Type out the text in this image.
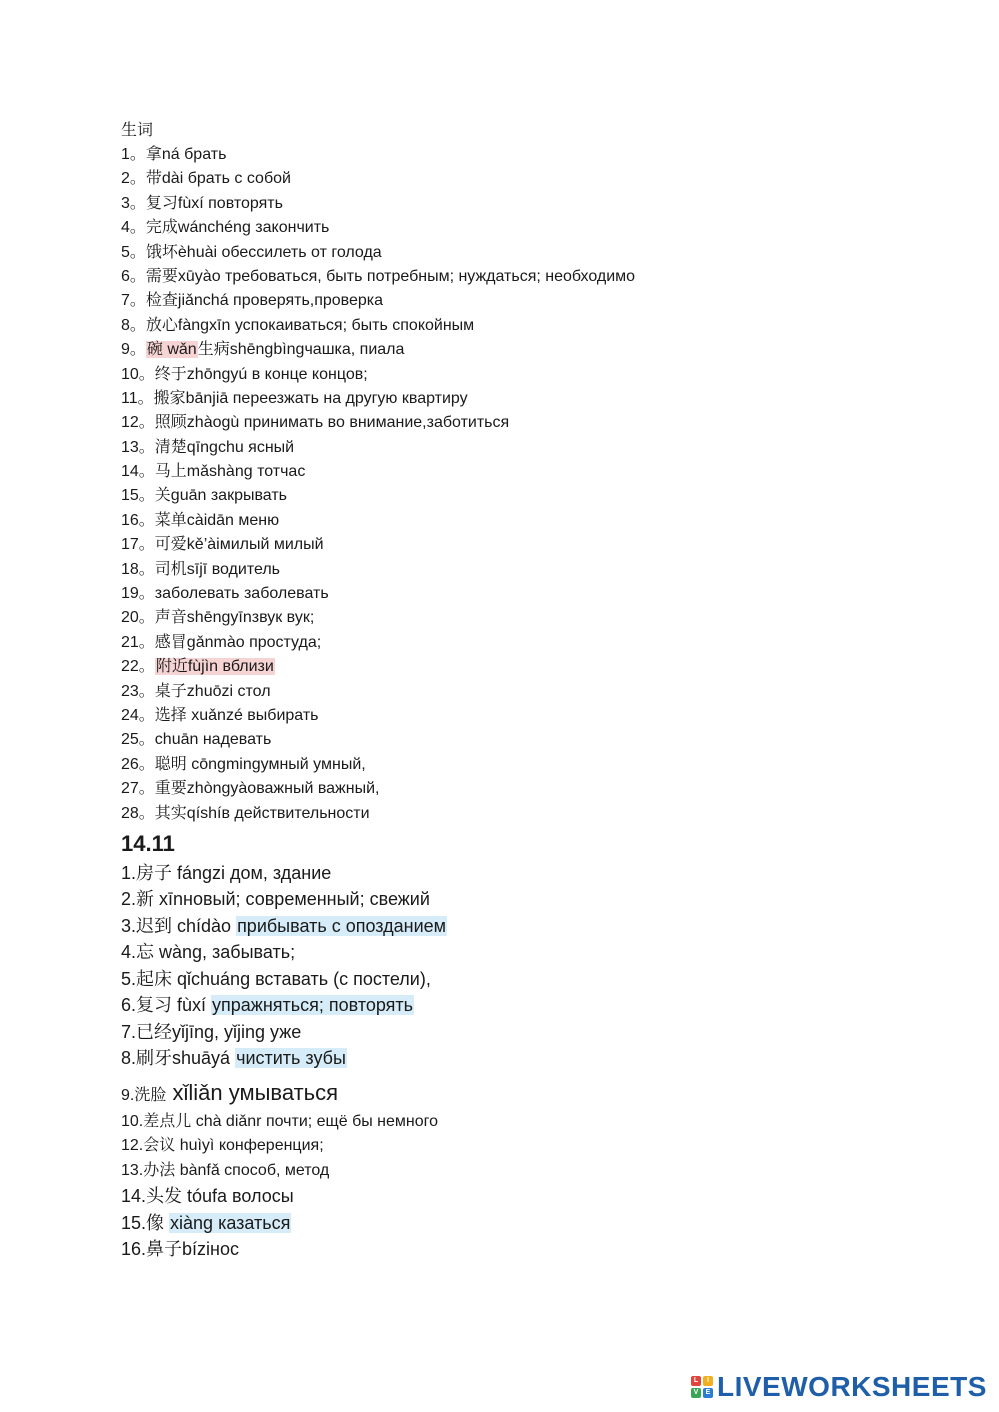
生词
1。拿ná брать
2。带dài брать с собой
3。复习fùxí повторять
4。完成wánchéng закончить
5。饿坏èhuài обессилеть от голода
6。需要xūyào требоваться, быть потребным; нуждаться; необходимо
7。检查jiǎnchá проверять,проверка
8。放心fàngxīn успокаиваться; быть спокойным
9。碗 wǎn生病shēngbìngчашка, пиала
10。终于zhōngyú в конце концов;
11。搬家bānjiā переезжать на другую квартиру
12。照顾zhàogù принимать во внимание,заботиться
13。清楚qīngchu ясный
14。马上mǎshàng тотчас
15。关guān закрывать
16。菜单càidān меню
17。可爱kě’àiмилый милый
18。司机sījī водитель
19。заболевать заболевать
20。声音shēngyīnзвук вук;
21。感冒gǎnmào простуда;
22。附近fùjìn вблизи
23。桌子zhuōzi стол
24。选择 xuǎnzé выбирать
25。chuān надевать
26。聪明 cōngmingумный умный,
27。重要zhòngyàoважный важный,
28。其实qíshíв действительности
14.11
1.房子 fángzi дом, здание
2.新 xīnновый; современный; свежий
3.迟到 chídào прибывать с опозданием
4.忘 wàng, забывать;
5.起床 qǐchuáng вставать (с постели),
6.复习 fùxí упражняться; повторять
7.已经yǐjīng, yǐjing уже
8.刷牙shuāyá чистить зубы
9.洗脸 xǐliǎn умываться
10.差点儿 chà diǎnr почти; ещё бы немного
12.会议 huìyì конференция;
13.办法 bànfǎ способ, метод
14.头发 tóufa волосы
15.像 xiàng казаться
16.鼻子bízінос
L	I
V	E LIVEWORKSHEETS
